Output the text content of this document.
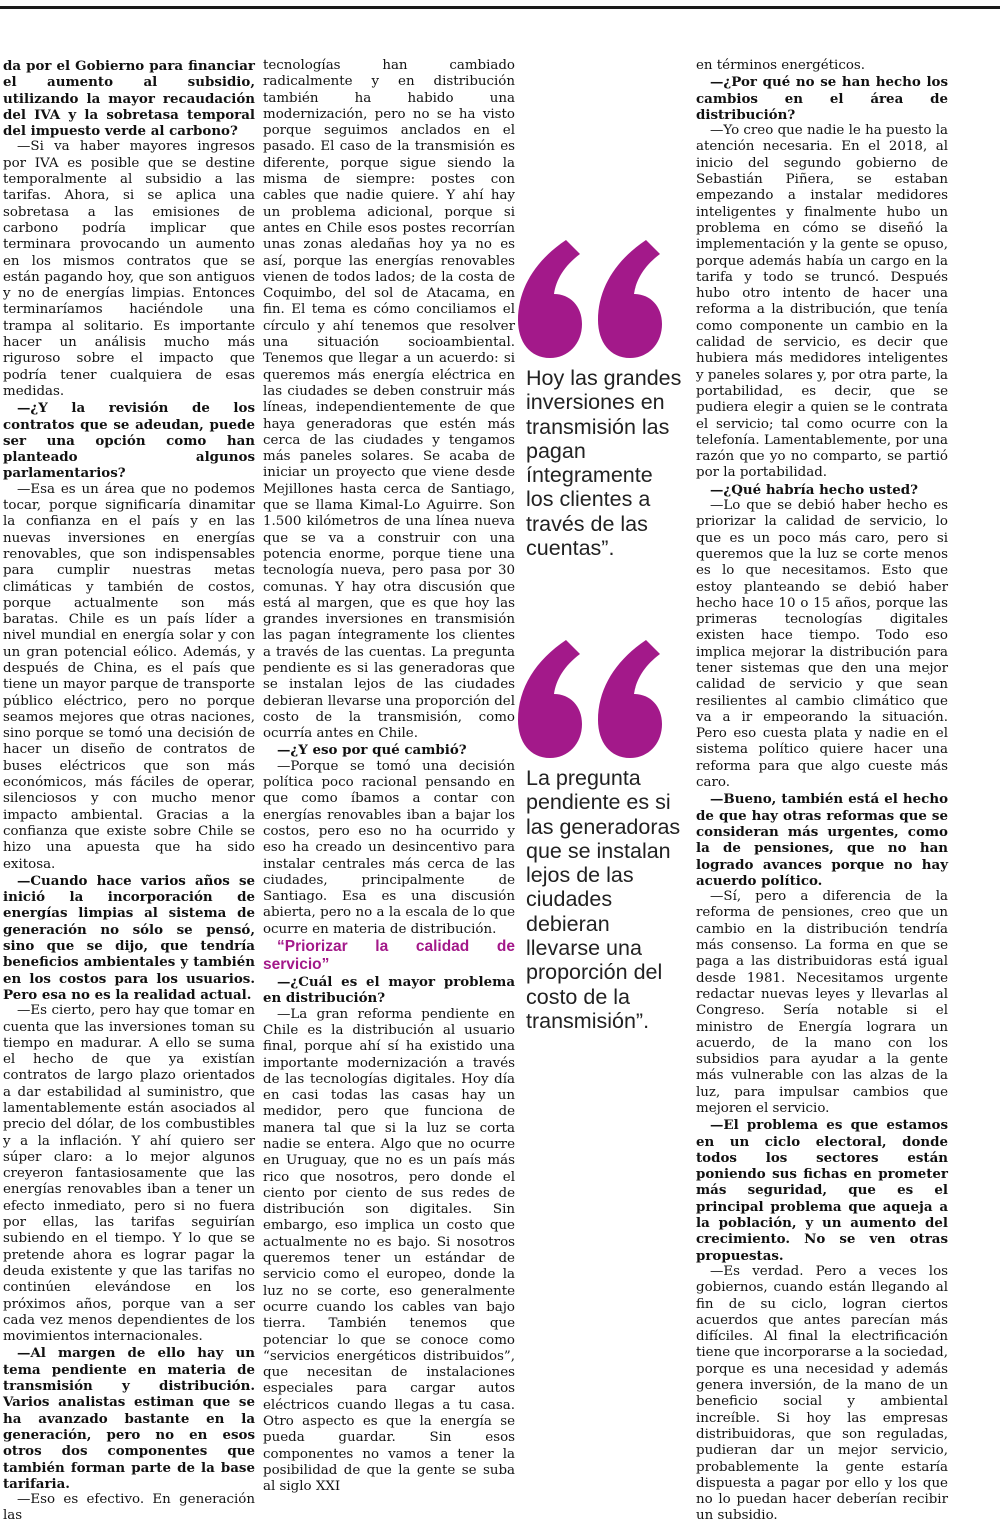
da por el Gobierno para financiar el aumento al subsidio, utilizando la mayor recaudación del IVA y la sobretasa temporal del impuesto verde al carbono?

—Si va haber mayores ingresos por IVA es posible que se destine temporalmente al subsidio a las tarifas. Ahora, si se aplica una sobretasa a las emisiones de carbono podría implicar que terminara provocando un aumento en los mismos contratos que se están pagando hoy, que son antiguos y no de energías limpias. Entonces terminaríamos haciéndole una trampa al solitario. Es importante hacer un análisis mucho más riguroso sobre el impacto que podría tener cualquiera de esas medidas.

—¿Y la revisión de los contratos que se adeudan, puede ser una opción como han planteado algunos parlamentarios?

—Esa es un área que no podemos tocar, porque significaría dinamitar la confianza en el país y en las nuevas inversiones en energías renovables, que son indispensables para cumplir nuestras metas climáticas y también de costos, porque actualmente son más baratas. Chile es un país líder a nivel mundial en energía solar y con un gran potencial eólico. Además, y después de China, es el país que tiene un mayor parque de transporte público eléctrico, pero no porque seamos mejores que otras naciones, sino porque se tomó una decisión de hacer un diseño de contratos de buses eléctricos que son más económicos, más fáciles de operar, silenciosos y con mucho menor impacto ambiental. Gracias a la confianza que existe sobre Chile se hizo una apuesta que ha sido exitosa.

—Cuando hace varios años se inició la incorporación de energías limpias al sistema de generación no sólo se pensó, sino que se dijo, que tendría beneficios ambientales y también en los costos para los usuarios. Pero esa no es la realidad actual.

—Es cierto, pero hay que tomar en cuenta que las inversiones toman su tiempo en madurar. A ello se suma el hecho de que ya existían contratos de largo plazo orientados a dar estabilidad al suministro, que lamentablemente están asociados al precio del dólar, de los combustibles y a la inflación. Y ahí quiero ser súper claro: a lo mejor algunos creyeron fantasiosamente que las energías renovables iban a tener un efecto inmediato, pero si no fuera por ellas, las tarifas seguirían subiendo en el tiempo. Y lo que se pretende ahora es lograr pagar la deuda existente y que las tarifas no continúen elevándose en los próximos años, porque van a ser cada vez menos dependientes de los movimientos internacionales.

—Al margen de ello hay un tema pendiente en materia de transmisión y distribución. Varios analistas estiman que se ha avanzado bastante en la generación, pero no en esos otros dos componentes que también forman parte de la base tarifaria.

—Eso es efectivo. En generación las

tecnologías han cambiado radicalmente y en distribución también ha habido una modernización, pero no se ha visto porque seguimos anclados en el pasado. El caso de la transmisión es diferente, porque sigue siendo la misma de siempre: postes con cables que nadie quiere. Y ahí hay un problema adicional, porque si antes en Chile esos postes recorrían unas zonas aledañas hoy ya no es así, porque las energías renovables vienen de todos lados; de la costa de Coquimbo, del sol de Atacama, en fin. El tema es cómo conciliamos el círculo y ahí tenemos que resolver una situación socioambiental. Tenemos que llegar a un acuerdo: si queremos más energía eléctrica en las ciudades se deben construir más líneas, independientemente de que haya generadoras que estén más cerca de las ciudades y tengamos más paneles solares. Se acaba de iniciar un proyecto que viene desde Mejillones hasta cerca de Santiago, que se llama Kimal-Lo Aguirre. Son 1.500 kilómetros de una línea nueva que se va a construir con una potencia enorme, porque tiene una tecnología nueva, pero pasa por 30 comunas. Y hay otra discusión que está al margen, que es que hoy las grandes inversiones en transmisión las pagan íntegramente los clientes a través de las cuentas. La pregunta pendiente es si las generadoras que se instalan lejos de las ciudades debieran llevarse una proporción del costo de la transmisión, como ocurría antes en Chile.

—¿Y eso por qué cambió?

—Porque se tomó una decisión política poco racional pensando en que como íbamos a contar con energías renovables iban a bajar los costos, pero eso no ha ocurrido y eso ha creado un desincentivo para instalar centrales más cerca de las ciudades, principalmente de Santiago. Esa es una discusión abierta, pero no a la escala de lo que ocurre en materia de distribución.

“Priorizar la calidad de servicio”

—¿Cuál es el mayor problema en distribución?

—La gran reforma pendiente en Chile es la distribución al usuario final, porque ahí sí ha existido una importante modernización a través de las tecnologías digitales. Hoy día en casi todas las casas hay un medidor, pero que funciona de manera tal que si la luz se corta nadie se entera. Algo que no ocurre en Uruguay, que no es un país más rico que nosotros, pero donde el ciento por ciento de sus redes de distribución son digitales. Sin embargo, eso implica un costo que actualmente no es bajo. Si nosotros queremos tener un estándar de servicio como el europeo, donde la luz no se corte, eso generalmente ocurre cuando los cables van bajo tierra. También tenemos que potenciar lo que se conoce como “servicios energéticos distribuidos”, que necesitan de instalaciones especiales para cargar autos eléctricos cuando llegas a tu casa. Otro aspecto es que la energía se pueda guardar. Sin esos componentes no vamos a tener la posibilidad de que la gente se suba al siglo XXI

Hoy las grandes inversiones en transmisión las pagan íntegramente los clientes a través de las cuentas”.
La pregunta pendiente es si las generadoras que se instalan lejos de las ciudades debieran llevarse una proporción del costo de la transmisión”.

en términos energéticos.

—¿Por qué no se han hecho los cambios en el área de distribución?

—Yo creo que nadie le ha puesto la atención necesaria. En el 2018, al inicio del segundo gobierno de Sebastián Piñera, se estaban empezando a instalar medidores inteligentes y finalmente hubo un problema en cómo se diseñó la implementación y la gente se opuso, porque además había un cargo en la tarifa y todo se truncó. Después hubo otro intento de hacer una reforma a la distribución, que tenía como componente un cambio en la calidad de servicio, es decir que hubiera más medidores inteligentes y paneles solares y, por otra parte, la portabilidad, es decir, que se pudiera elegir a quien se le contrata el servicio; tal como ocurre con la telefonía. Lamentablemente, por una razón que yo no comparto, se partió por la portabilidad.

—¿Qué habría hecho usted?

—Lo que se debió haber hecho es priorizar la calidad de servicio, lo que es un poco más caro, pero si queremos que la luz se corte menos es lo que necesitamos. Esto que estoy planteando se debió haber hecho hace 10 o 15 años, porque las primeras tecnologías digitales existen hace tiempo. Todo eso implica mejorar la distribución para tener sistemas que den una mejor calidad de servicio y que sean resilientes al cambio climático que va a ir empeorando la situación. Pero eso cuesta plata y nadie en el sistema político quiere hacer una reforma para que algo cueste más caro.

—Bueno, también está el hecho de que hay otras reformas que se consideran más urgentes, como la de pensiones, que no han logrado avances porque no hay acuerdo político.

—Sí, pero a diferencia de la reforma de pensiones, creo que un cambio en la distribución tendría más consenso. La forma en que se paga a las distribuidoras está igual desde 1981. Necesitamos urgente redactar nuevas leyes y llevarlas al Congreso. Sería notable si el ministro de Energía lograra un acuerdo, de la mano con los subsidios para ayudar a la gente más vulnerable con las alzas de la luz, para impulsar cambios que mejoren el servicio.

—El problema es que estamos en un ciclo electoral, donde todos los sectores están poniendo sus fichas en prometer más seguridad, que es el principal problema que aqueja a la población, y un aumento del crecimiento. No se ven otras propuestas.

—Es verdad. Pero a veces los gobiernos, cuando están llegando al fin de su ciclo, logran ciertos acuerdos que antes parecían más difíciles. Al final la electrificación tiene que incorporarse a la sociedad, porque es una necesidad y además genera inversión, de la mano de un beneficio social y ambiental increíble. Si hoy las empresas distribuidoras, que son reguladas, pudieran dar un mejor servicio, probablemente la gente estaría dispuesta a pagar por ello y los que no lo puedan hacer deberían recibir un subsidio.
